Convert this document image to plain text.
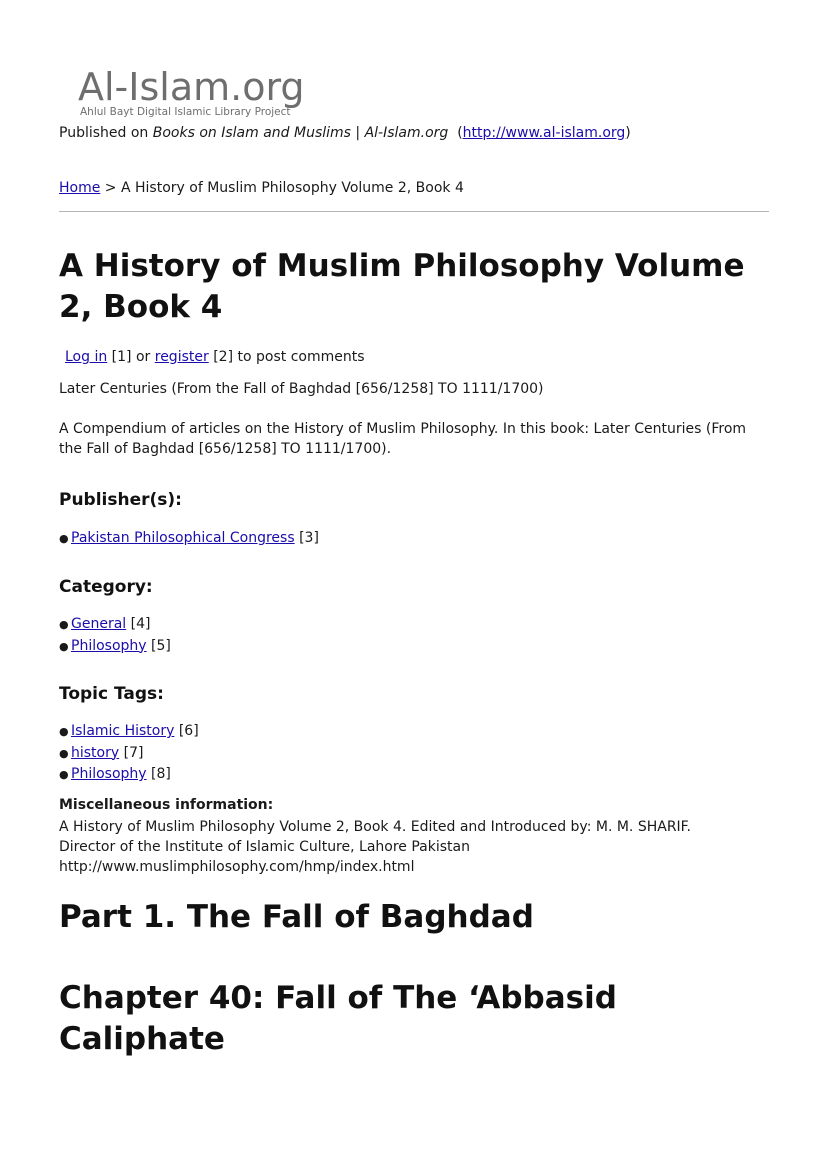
Al-Islam.org
Ahlul Bayt Digital Islamic Library Project
Published on Books on Islam and Muslims | Al-Islam.org (http://www.al-islam.org)
Home > A History of Muslim Philosophy Volume 2, Book 4
A History of Muslim Philosophy Volume 2, Book 4
Log in [1] or register [2] to post comments
Later Centuries (From the Fall of Baghdad [656/1258] TO 1111/1700)
A Compendium of articles on the History of Muslim Philosophy. In this book: Later Centuries (From the Fall of Baghdad [656/1258] TO 1111/1700).
Publisher(s):
● Pakistan Philosophical Congress [3]
Category:
● General [4]
● Philosophy [5]
Topic Tags:
● Islamic History [6]
● history [7]
● Philosophy [8]
Miscellaneous information:
A History of Muslim Philosophy Volume 2, Book 4. Edited and Introduced by: M. M. SHARIF.
Director of the Institute of Islamic Culture, Lahore Pakistan
http://www.muslimphilosophy.com/hmp/index.html
Part 1. The Fall of Baghdad
Chapter 40: Fall of The ‘Abbasid Caliphate
